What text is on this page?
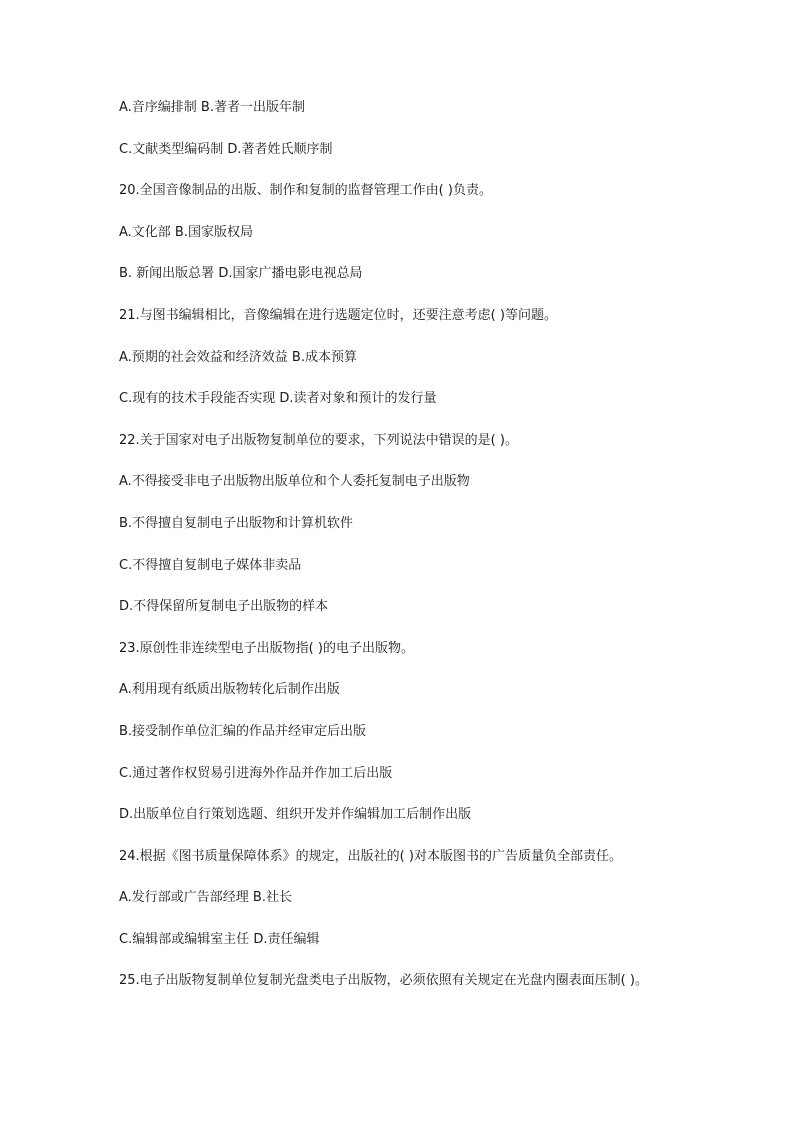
A.音序编排制 B.著者一出版年制
C.文献类型编码制 D.著者姓氏顺序制
20.全国音像制品的出版、制作和复制的监督管理工作由( )负责。
A.文化部 B.国家版权局
B. 新闻出版总署 D.国家广播电影电视总局
21.与图书编辑相比，音像编辑在进行选题定位时，还要注意考虑( )等问题。
A.预期的社会效益和经济效益 B.成本预算
C.现有的技术手段能否实现 D.读者对象和预计的发行量
22.关于国家对电子出版物复制单位的要求，下列说法中错误的是( )。
A.不得接受非电子出版物出版单位和个人委托复制电子出版物
B.不得擅自复制电子出版物和计算机软件
C.不得擅自复制电子媒体非卖品
D.不得保留所复制电子出版物的样本
23.原创性非连续型电子出版物指( )的电子出版物。
A.利用现有纸质出版物转化后制作出版
B.接受制作单位汇编的作品并经审定后出版
C.通过著作权贸易引进海外作品并作加工后出版
D.出版单位自行策划选题、组织开发并作编辑加工后制作出版
24.根据《图书质量保障体系》的规定，出版社的( )对本版图书的广告质量负全部责任。
A.发行部或广告部经理 B.社长
C.编辑部或编辑室主任 D.责任编辑
25.电子出版物复制单位复制光盘类电子出版物，必须依照有关规定在光盘内圈表面压制( )。
